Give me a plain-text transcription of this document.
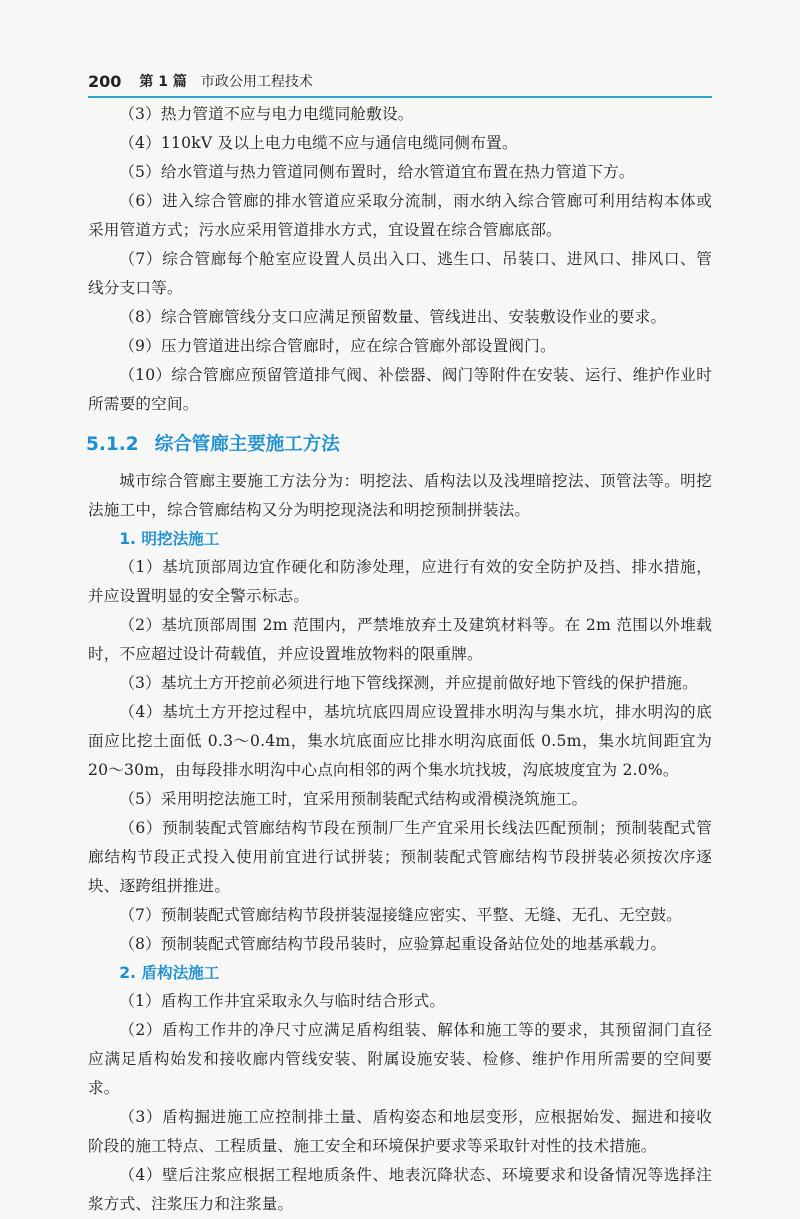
200 第 1 篇 市政公用工程技术

（3）热力管道不应与电力电缆同舱敷设。

（4）110kV 及以上电力电缆不应与通信电缆同侧布置。

（5）给水管道与热力管道同侧布置时，给水管道宜布置在热力管道下方。

（6）进入综合管廊的排水管道应采取分流制，雨水纳入综合管廊可利用结构本体或采用管道方式；污水应采用管道排水方式，宜设置在综合管廊底部。

（7）综合管廊每个舱室应设置人员出入口、逃生口、吊装口、进风口、排风口、管线分支口等。

（8）综合管廊管线分支口应满足预留数量、管线进出、安装敷设作业的要求。

（9）压力管道进出综合管廊时，应在综合管廊外部设置阀门。

（10）综合管廊应预留管道排气阀、补偿器、阀门等附件在安装、运行、维护作业时所需要的空间。

5.1.2 综合管廊主要施工方法

城市综合管廊主要施工方法分为：明挖法、盾构法以及浅埋暗挖法、顶管法等。明挖法施工中，综合管廊结构又分为明挖现浇法和明挖预制拼装法。

1. 明挖法施工

（1）基坑顶部周边宜作硬化和防渗处理，应进行有效的安全防护及挡、排水措施，并应设置明显的安全警示标志。

（2）基坑顶部周围 2m 范围内，严禁堆放弃土及建筑材料等。在 2m 范围以外堆载时，不应超过设计荷载值，并应设置堆放物料的限重牌。

（3）基坑土方开挖前必须进行地下管线探测，并应提前做好地下管线的保护措施。

（4）基坑土方开挖过程中，基坑坑底四周应设置排水明沟与集水坑，排水明沟的底面应比挖土面低 0.3～0.4m，集水坑底面应比排水明沟底面低 0.5m，集水坑间距宜为 20～30m，由每段排水明沟中心点向相邻的两个集水坑找坡，沟底坡度宜为 2.0%。

（5）采用明挖法施工时，宜采用预制装配式结构或滑模浇筑施工。

（6）预制装配式管廊结构节段在预制厂生产宜采用长线法匹配预制；预制装配式管廊结构节段正式投入使用前宜进行试拼装；预制装配式管廊结构节段拼装必须按次序逐块、逐跨组拼推进。

（7）预制装配式管廊结构节段拼装湿接缝应密实、平整、无缝、无孔、无空鼓。

（8）预制装配式管廊结构节段吊装时，应验算起重设备站位处的地基承载力。

2. 盾构法施工

（1）盾构工作井宜采取永久与临时结合形式。

（2）盾构工作井的净尺寸应满足盾构组装、解体和施工等的要求，其预留洞门直径应满足盾构始发和接收廊内管线安装、附属设施安装、检修、维护作用所需要的空间要求。

（3）盾构掘进施工应控制排土量、盾构姿态和地层变形，应根据始发、掘进和接收阶段的施工特点、工程质量、施工安全和环境保护要求等采取针对性的技术措施。

（4）壁后注浆应根据工程地质条件、地表沉降状态、环境要求和设备情况等选择注浆方式、注浆压力和注浆量。
